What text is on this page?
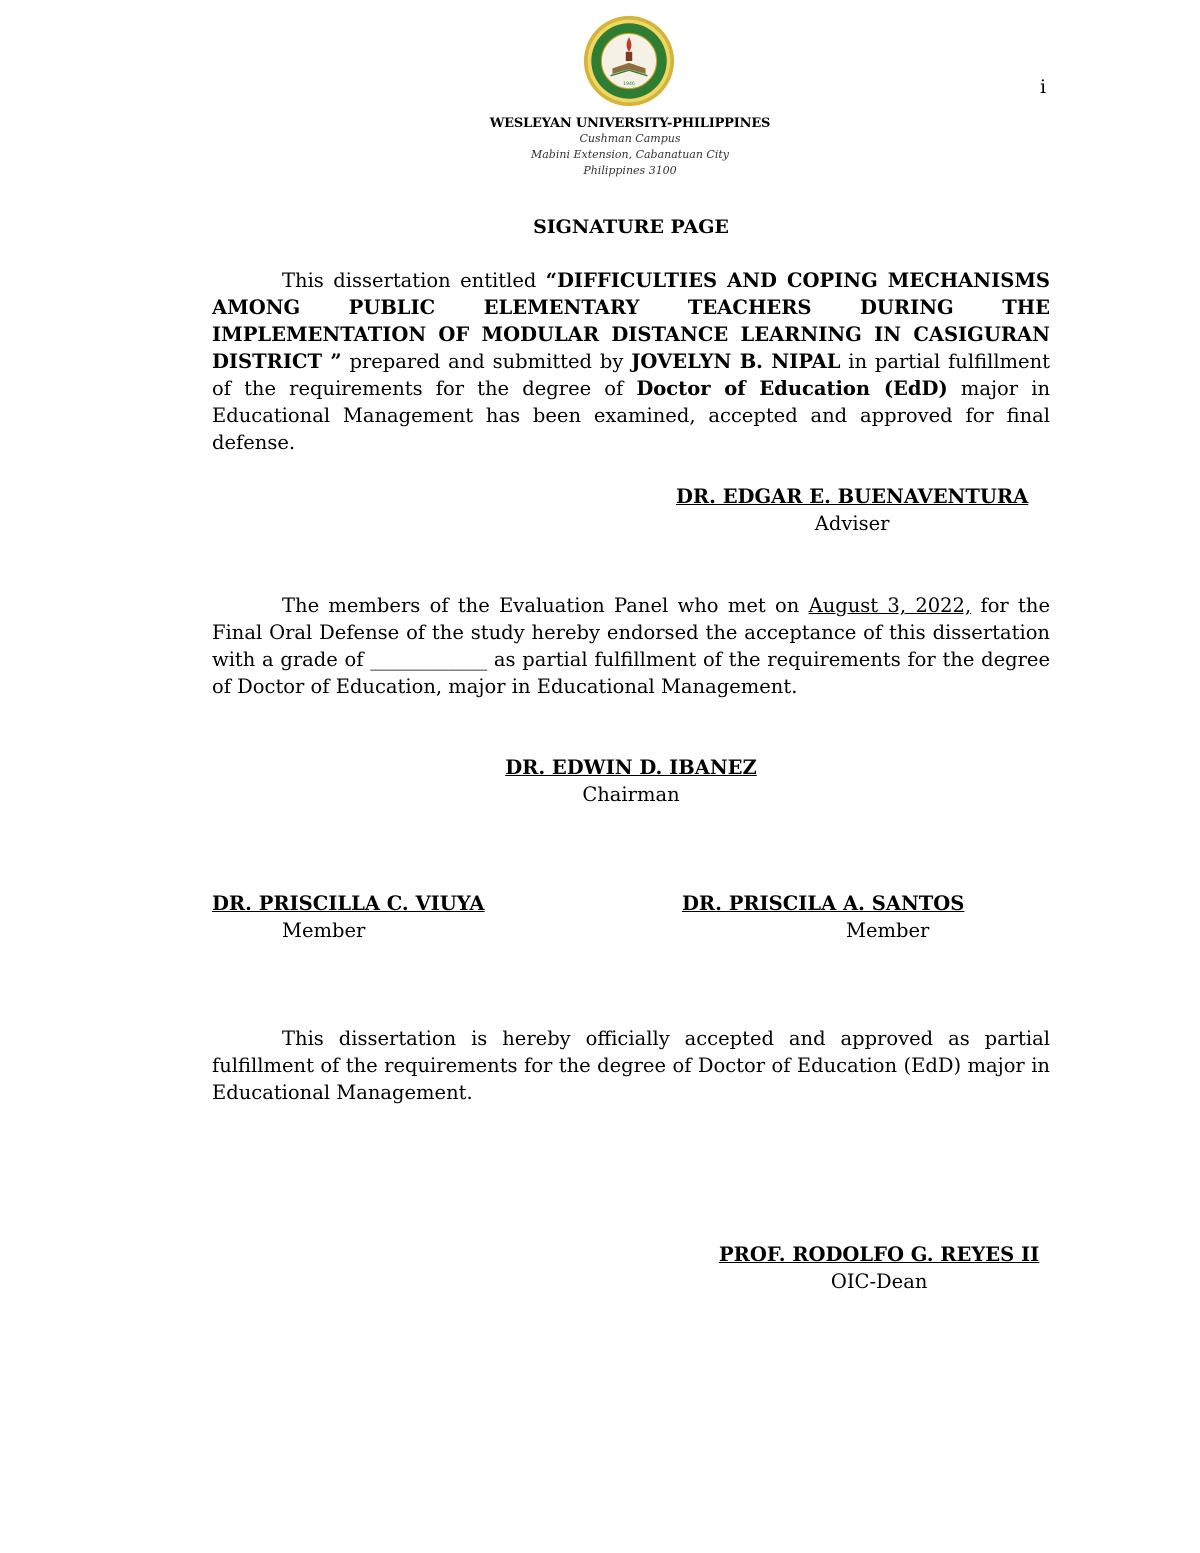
i
1946
WESLEYAN UNIVERSITY-PHILIPPINES
Cushman Campus
Mabini Extension, Cabanatuan City
Philippines 3100
SIGNATURE PAGE

This dissertation entitled “DIFFICULTIES AND COPING MECHANISMS AMONG PUBLIC ELEMENTARY TEACHERS DURING THE IMPLEMENTATION OF MODULAR DISTANCE LEARNING IN CASIGURAN DISTRICT ” prepared and submitted by JOVELYN B. NIPAL in partial fulfillment of the requirements for the degree of Doctor of Education (EdD) major in Educational Management has been examined, accepted and approved for final defense.

DR. EDGAR E. BUENAVENTURA
Adviser

The members of the Evaluation Panel who met on August 3, 2022, for the Final Oral Defense of the study hereby endorsed the acceptance of this dissertation with a grade of ____________ as partial fulfillment of the requirements for the degree of Doctor of Education, major in Educational Management.

DR. EDWIN D. IBANEZ
Chairman
DR. PRISCILLA C. VIUYA
Member
DR. PRISCILA A. SANTOS
Member

This dissertation is hereby officially accepted and approved as partial fulfillment of the requirements for the degree of Doctor of Education (EdD) major in Educational Management.

PROF. RODOLFO G. REYES II
OIC-Dean
